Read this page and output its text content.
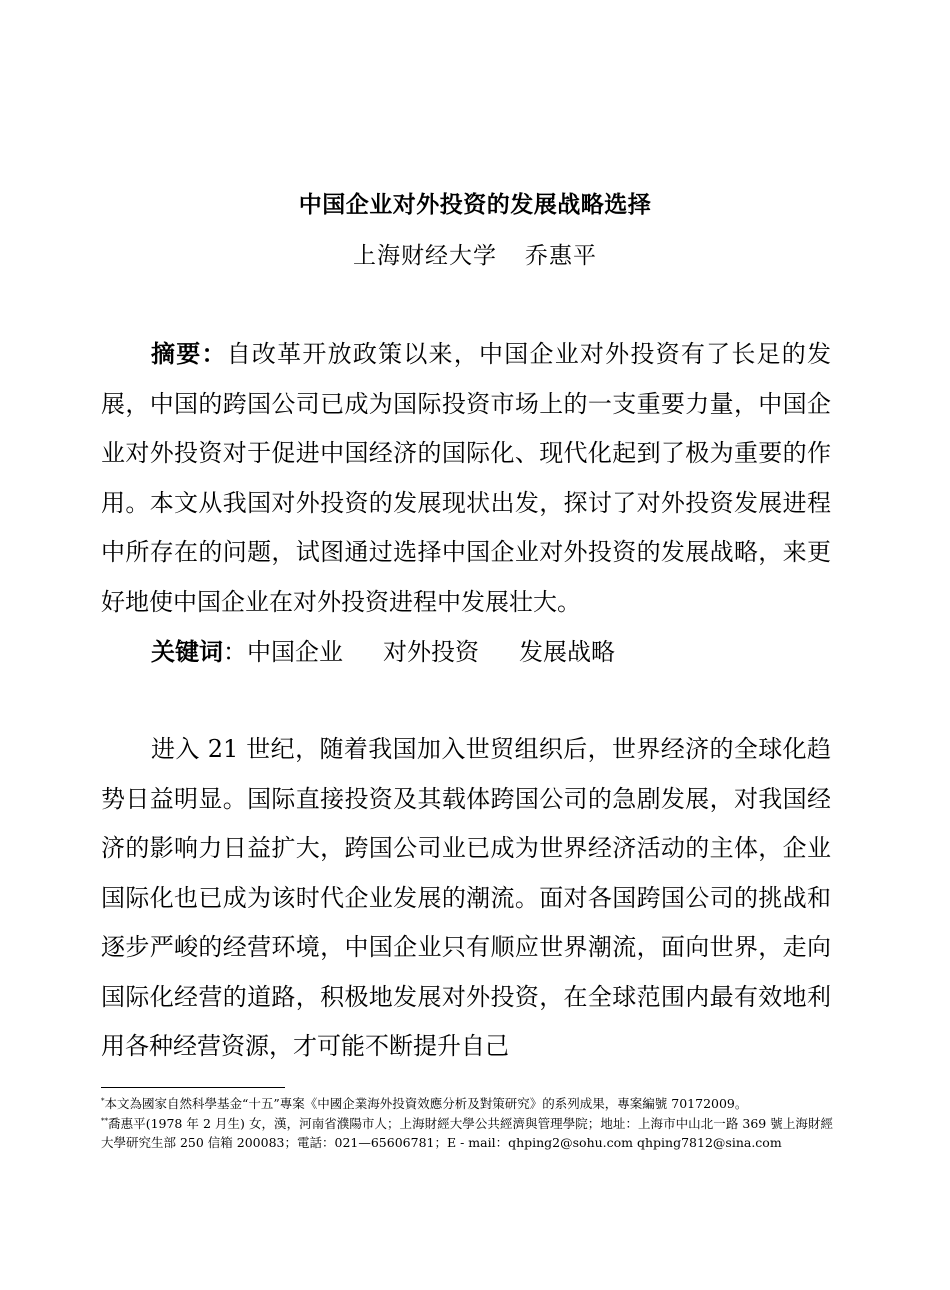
中国企业对外投资的发展战略选择
上海财经大学 乔惠平
摘要：自改革开放政策以来，中国企业对外投资有了长足的发展，中国的跨国公司已成为国际投资市场上的一支重要力量，中国企业对外投资对于促进中国经济的国际化、现代化起到了极为重要的作用。本文从我国对外投资的发展现状出发，探讨了对外投资发展进程中所存在的问题，试图通过选择中国企业对外投资的发展战略，来更好地使中国企业在对外投资进程中发展壮大。
关键词：中国企业 对外投资 发展战略
进入 21 世纪，随着我国加入世贸组织后，世界经济的全球化趋势日益明显。国际直接投资及其载体跨国公司的急剧发展，对我国经济的影响力日益扩大，跨国公司业已成为世界经济活动的主体，企业国际化也已成为该时代企业发展的潮流。面对各国跨国公司的挑战和逐步严峻的经营环境，中国企业只有顺应世界潮流，面向世界，走向国际化经营的道路，积极地发展对外投资，在全球范围内最有效地利用各种经营资源，才可能不断提升自己

*本文為國家自然科學基金“十五”專案《中國企業海外投資效應分析及對策研究》的系列成果，專案編號 70172009。

**喬惠平(1978 年 2 月生) 女，漢，河南省濮陽市人；上海財經大學公共經濟與管理學院；地址：上海市中山北一路 369 號上海財經大學研究生部 250 信箱 200083；電話：021—65606781；E - mail：qhping2@sohu.com qhping7812@sina.com
